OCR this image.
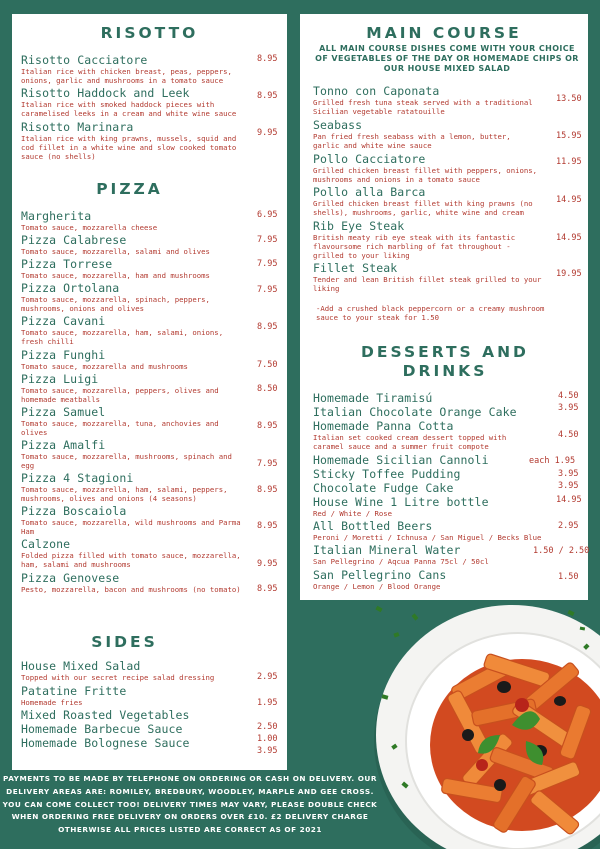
RISOTTO
Risotto Cacciatore
Italian rice with chicken breast, peas, peppers, onions, garlic and mushrooms in a tomato sauce
8.95
Risotto Haddock and Leek
Italian rice with smoked haddock pieces with caramelised leeks in a cream and white wine sauce
8.95
Risotto Marinara
Italian rice with king prawns, mussels, squid and cod fillet in a white wine and slow cooked tomato sauce (no shells)
9.95
PIZZA
Margherita
Tomato sauce, mozzarella cheese
6.95
Pizza Calabrese
Tomato sauce, mozzarella, salami and olives
7.95
Pizza Torrese
Tomato sauce, mozzarella, ham and mushrooms
7.95
Pizza Ortolana
Tomato sauce, mozzarella, spinach, peppers, mushrooms, onions and olives
7.95
Pizza Cavani
Tomato sauce, mozzarella, ham, salami, onions, fresh chilli
8.95
Pizza Funghi
Tomato sauce, mozzarella and mushrooms	7.50
Pizza Luigi
Tomato sauce, mozzarella, peppers, olives and homemade meatballs
8.50
Pizza Samuel
Tomato sauce, mozzarella, tuna, anchovies and olives
8.95
Pizza Amalfi
Tomato sauce, mozzarella, mushrooms, spinach and egg	7.95
Pizza 4 Stagioni
Tomato sauce, mozzarella, ham, salami, peppers, mushrooms, olives and onions (4 seasons)
8.95
Pizza Boscaiola
Tomato sauce, mozzarella, wild mushrooms and Parma Ham
8.95
Calzone
Folded pizza filled with tomato sauce, mozzarella, ham, salami and mushrooms	9.95
Pizza Genovese
Pesto, mozzarella, bacon and mushrooms (no tomato)	8.95
SIDES
House Mixed Salad
Topped with our secret recipe salad dressing	2.95
Patatine Fritte
Homemade fries	1.95
Mixed Roasted Vegetables
2.50
Homemade Barbecue Sauce
1.00
Homemade Bolognese Sauce
3.95
MAIN COURSE
ALL MAIN COURSE DISHES COME WITH YOUR CHOICE OF VEGETABLES OF THE DAY OR HOMEMADE CHIPS OR OUR HOUSE MIXED SALAD
Tonno con Caponata
Grilled fresh tuna steak served with a traditional Sicilian vegetable ratatouille
13.50
Seabass
Pan fried fresh seabass with a lemon, butter, garlic and white wine sauce
15.95
Pollo Cacciatore
Grilled chicken breast fillet with peppers, onions, mushrooms and onions in a tomato sauce
11.95
Pollo alla Barca
Grilled chicken breast fillet with king prawns (no shells), mushrooms, garlic, white wine and cream
14.95
Rib Eye Steak
British meaty rib eye steak with its fantastic flavoursome rich marbling of fat throughout - grilled to your liking
14.95
Fillet Steak
Tender and lean British fillet steak grilled to your liking
19.95
-Add a crushed black peppercorn or a creamy mushroom sauce to your steak for 1.50
DESSERTS AND
DRINKS
Homemade Tiramisú	4.50
Italian Chocolate Orange Cake	3.95
Homemade Panna Cotta
Italian set cooked cream dessert topped with caramel sauce and a summer fruit compote
4.50
Homemade Sicilian Cannoli	each 1.95
Sticky Toffee Pudding	3.95
Chocolate Fudge Cake	3.95
House Wine 1 Litre bottle
Red / White / Rose
14.95
All Bottled Beers
Peroni / Moretti / Ichnusa / San Miguel / Becks Blue
2.95
Italian Mineral Water
San Pellegrino / Aqcua Panna 75cl / 50cl
1.50 / 2.50
San Pellegrino Cans
Orange / Lemon / Blood Orange
1.50
PAYMENTS TO BE MADE BY TELEPHONE ON ORDERING OR CASH ON DELIVERY. OUR DELIVERY AREAS ARE: ROMILEY, BREDBURY, WOODLEY, MARPLE AND GEE CROSS. YOU CAN COME COLLECT TOO! DELIVERY TIMES MAY VARY, PLEASE DOUBLE CHECK WHEN ORDERING FREE DELIVERY ON ORDERS OVER £10. £2 DELIVERY CHARGE OTHERWISE ALL PRICES LISTED ARE CORRECT AS OF 2021
